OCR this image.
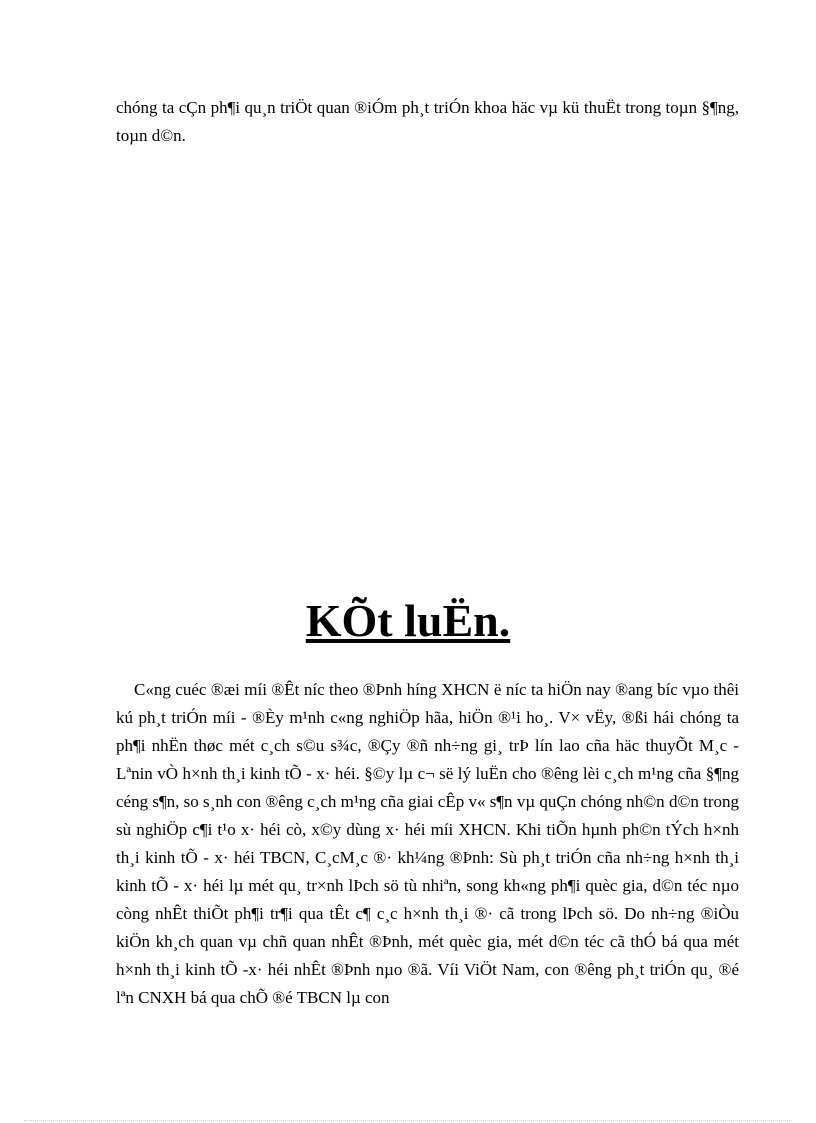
chóng ta cÇn ph¶i qu¸n triÖt quan ®iÓm ph¸t triÓn khoa häc vµ kü thuËt trong toµn §¶ng, toµn d©n.

KÕt luËn.

C«ng cuéc ®æi míi ®Êt níc theo ®Þnh híng XHCN ë níc ta hiÖn nay ®ang bíc vµo thêi kú ph¸t triÓn míi - ®Èy m¹nh c«ng nghiÖp hãa, hiÖn ®¹i ho¸. V× vËy, ®ßi hái chóng ta ph¶i nhËn thøc mét c¸ch s©u s¾c, ®Çy ®ñ nh÷ng gi¸ trÞ lín lao cña häc thuyÕt M¸c - Lªnin vÒ h×nh th¸i kinh tÕ - x· héi. §©y lµ c¬ së lý luËn cho ®êng lèi c¸ch m¹ng cña §¶ng céng s¶n, so s¸nh con ®êng c¸ch m¹ng cña giai cÊp v« s¶n vµ quÇn chóng nh©n d©n trong sù nghiÖp c¶i t¹o x· héi cò, x©y dùng x· héi míi XHCN. Khi tiÕn hµnh ph©n tÝch h×nh th¸i kinh tÕ - x· héi TBCN, C¸cM¸c ®· kh¼ng ®Þnh: Sù ph¸t triÓn cña nh÷ng h×nh th¸i kinh tÕ - x· héi lµ mét qu¸ tr×nh lÞch sö tù nhiªn, song kh«ng ph¶i quèc gia, d©n téc nµo còng nhÊt thiÕt ph¶i tr¶i qua tÊt c¶ c¸c h×nh th¸i ®· cã trong lÞch sö. Do nh÷ng ®iÒu kiÖn kh¸ch quan vµ chñ quan nhÊt ®Þnh, mét quèc gia, mét d©n téc cã thÓ bá qua mét h×nh th¸i kinh tÕ -x· héi nhÊt ®Þnh nµo ®ã. Víi ViÖt Nam, con ®êng ph¸t triÓn qu¸ ®é lªn CNXH bá qua chÕ ®é TBCN lµ con
